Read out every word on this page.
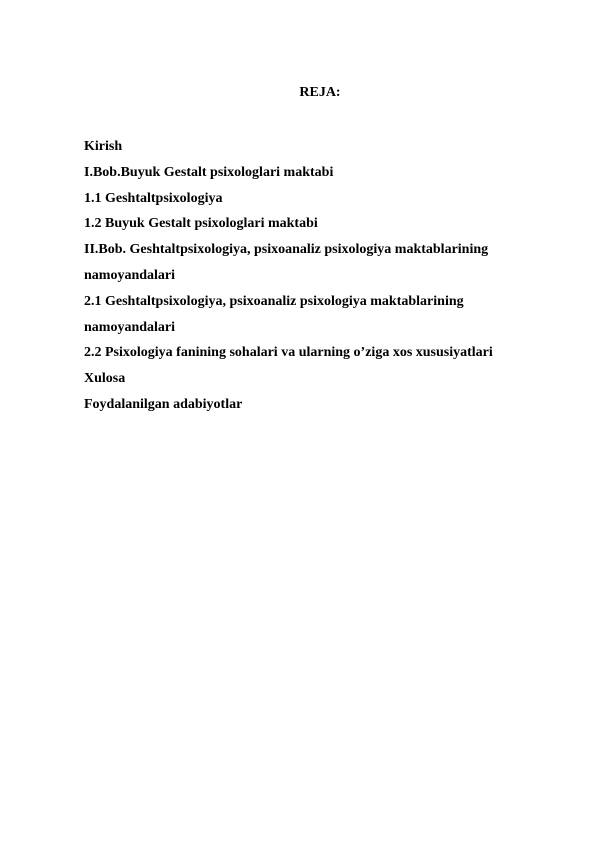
REJA:
Kirish
I.Bob.Buyuk Gestalt psixologlari maktabi
1.1 Geshtaltpsixologiya
1.2 Buyuk Gestalt psixologlari maktabi
II.Bob. Geshtaltpsixologiya, psixoanaliz psixologiya maktablarining
namoyandalari
2.1 Geshtaltpsixologiya, psixoanaliz psixologiya maktablarining
namoyandalari
2.2 Psixologiya fanining sohalari va ularning o’ziga xos xususiyatlari
Xulosa
Foydalanilgan adabiyotlar
